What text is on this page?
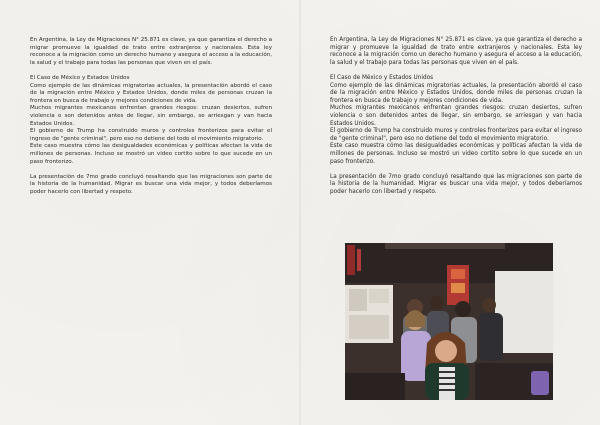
En Argentina, la Ley de Migraciones N° 25.871 es clave, ya que garantiza el derecho a migrar promueve la igualdad de trato entre extranjeros y nacionales. Esta ley reconoce a la migración como un derecho humano y asegura el acceso a la educación, la salud y el trabajo para todas las personas que viven en el país.

El Caso de México y Estados Unidos

Como ejemplo de las dinámicas migratorias actuales, la presentación abordó el caso de la migración entre México y Estados Unidos, donde miles de personas cruzan la frontera en busca de trabajo y mejores condiciones de vida.

Muchos migrantes mexicanos enfrentan grandes riesgos: cruzan desiertos, sufren violencia o son detenidos antes de llegar, sin embargo, se arriesgan y van hacia Estados Unidos.

El gobierno de Trump ha construido muros y controles fronterizos para evitar el ingreso de "gente criminal", pero eso no detiene del todo el movimiento migratorio.

Este caso muestra cómo las desigualdades económicas y políticas afectan la vida de millones de personas. Incluso se mostró un video cortito sobre lo que sucede en un paso fronterizo.

La presentación de 7mo grado concluyó resaltando que las migraciones son parte de la historia de la humanidad. Migrar es buscar una vida mejor, y todos deberíamos poder hacerlo con libertad y respeto.

En Argentina, la Ley de Migraciones N° 25.871 es clave, ya que garantiza el derecho a migrar y promueve la igualdad de trato entre extranjeros y nacionales. Esta ley reconoce a la migración como un derecho humano y asegura el acceso a la educación, la salud y el trabajo para todas las personas que viven en el país.

El Caso de México y Estados Unidos

Como ejemplo de las dinámicas migratorias actuales, la presentación abordó el caso de la migración entre México y Estados Unidos, donde miles de personas cruzan la frontera en busca de trabajo y mejores condiciones de vida.

Muchos migrantes mexicanos enfrentan grandes riesgos: cruzan desiertos, sufren violencia o son detenidos antes de llegar, sin embargo, se arriesgan y van hacia Estados Unidos.

El gobierno de Trump ha construido muros y controles fronterizos para evitar el ingreso de "gente criminal", pero eso no detiene del todo el movimiento migratorio.

Este caso muestra cómo las desigualdades económicas y políticas afectan la vida de millones de personas. Incluso se mostró un video cortito sobre lo que sucede en un paso fronterizo.

La presentación de 7mo grado concluyó resaltando que las migraciones son parte de la historia de la humanidad. Migrar es buscar una vida mejor, y todos deberíamos poder hacerlo con libertad y respeto.
